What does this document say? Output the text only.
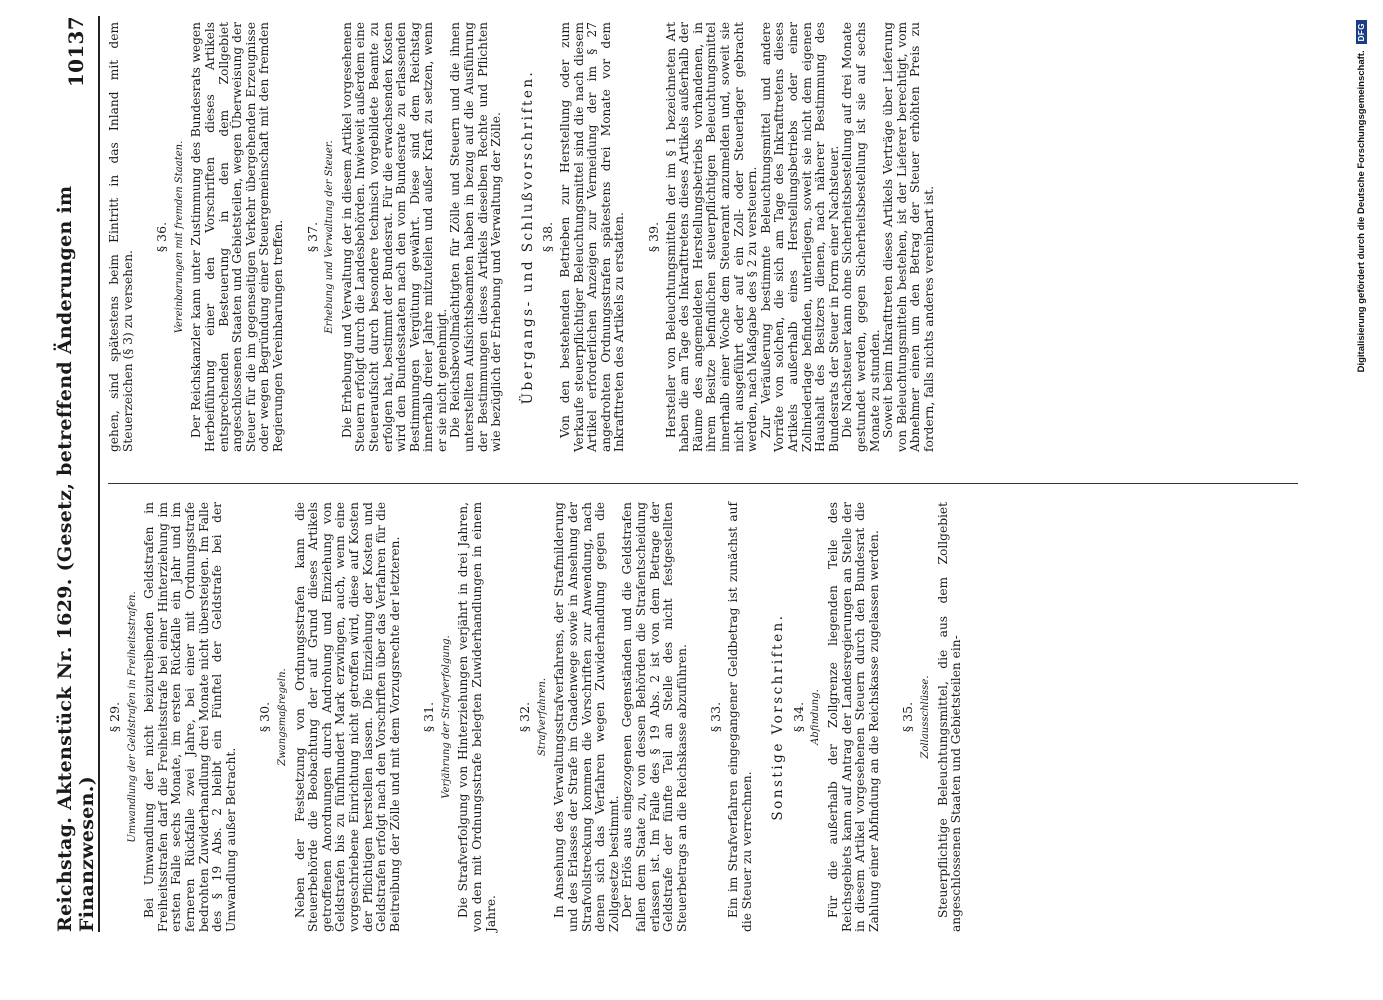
Reichstag. Aktenstück Nr. 1629. (Gesetz, betreffend Änderungen im Finanzwesen.)
10137
§ 29. Umwandlung der Geldstrafen in Freiheitsstrafen. Bei Umwandlung der nicht beizutreibenden Geldstrafen in Freiheitsstrafen darf die Freiheitsstrafe bei einer Hinterziehung im ersten Falle sechs Monate, im ersten Rückfalle ein Jahr und im ferneren Rückfalle zwei Jahre, bei einer mit Ordnungsstrafe bedrohten Zuwiderhandlung drei Monate nicht übersteigen. Im Falle des § 19 Abs. 2 bleibt ein Fünftel der Geldstrafe bei der Umwandlung außer Betracht.

§ 30. Zwangsmaßregeln. Neben der Festsetzung von Ordnungsstrafen kann die Steuerbehörde die Beobachtung der auf Grund dieses Artikels getroffenen Anordnungen durch Androhung und Einziehung von Geldstrafen bis zu fünfhundert Mark erzwingen, auch, wenn eine vorgeschriebene Einrichtung nicht getroffen wird, diese auf Kosten der Pflichtigen herstellen lassen. Die Einziehung der Kosten und Geldstrafen erfolgt nach den Vorschriften über das Verfahren für die Beitreibung der Zölle und mit dem Vorzugsrechte der letzteren. § 31. Verjährung der Strafverfolgung. Die Strafverfolgung von Hinterziehungen verjährt in drei Jahren, von den mit Ordnungsstrafe belegten Zuwiderhandlungen in einem Jahre.

§ 32. Strafverfahren. In Ansehung des Verwaltungsstrafverfahrens, der Strafmilderung und des Erlasses der Strafe im Gnadenwege sowie in Ansehung der Strafvollstreckung kommen die Vorschriften zur Anwendung, nach denen sich das Verfahren wegen Zuwiderhandlung gegen die Zollgesetze bestimmt. Der Erlös aus eingezogenen Gegenständen und die Geldstrafen fallen dem Staate zu, von dessen Behörden die Strafentscheidung erlassen ist. Im Falle des § 19 Abs. 2 ist von dem Betrage der Geldstrafe der fünfte Teil an Stelle des nicht festgestellten Steuerbetrags an die Reichskasse abzuführen. § 33. Ein im Strafverfahren eingegangener Geldbetrag ist zunächst auf die Steuer zu verrechnen.

Sonstige Vorschriften. § 34. Abfindung. Für die außerhalb der Zollgrenze liegenden Teile des Reichsgebiets kann auf Antrag der Landesregierungen an Stelle der in diesem Artikel vorgesehenen Steuern durch den Bundesrat die Zahlung einer Abfindung an die Reichskasse zugelassen werden. § 35. Zollausschlüsse. Steuerpflichtige Beleuchtungsmittel, die aus dem Zollgebiet angeschlossenen Staaten und Gebietsteilen ein-

gehen, sind spätestens beim Eintritt in das Inland mit dem Steuerzeichen (§ 3) zu versehen.

§ 36. Vereinbarungen mit fremden Staaten. Der Reichskanzler kann unter Zustimmung des Bundesrats wegen Herbeiführung einer den Vorschriften dieses Artikels entsprechenden Besteuerung in den dem Zollgebiet angeschlossenen Staaten und Gebietsteilen, wegen Überweisung der Steuer für die im gegenseitigen Verkehr übergehenden Erzeugnisse oder wegen Begründung einer Steuergemeinschaft mit den fremden Regierungen Vereinbarungen treffen. § 37. Erhebung und Verwaltung der Steuer. Die Erhebung und Verwaltung der in diesem Artikel vorgesehenen Steuern erfolgt durch die Landesbehörden. Inwieweit außerdem eine Steueraufsicht durch besondere technisch vorgebildete Beamte zu erfolgen hat, bestimmt der Bundesrat. Für die erwachsenden Kosten wird den Bundesstaaten nach den vom Bundesrate zu erlassenden Bestimmungen Vergütung gewährt. Diese sind dem Reichstag innerhalb dreier Jahre mitzuteilen und außer Kraft zu setzen, wenn er sie nicht genehmigt. Die Reichsbevollmächtigten für Zölle und Steuern und die ihnen unterstellten Aufsichtsbeamten haben in bezug auf die Ausführung der Bestimmungen dieses Artikels dieselben Rechte und Pflichten wie bezüglich der Erhebung und Verwaltung der Zölle. Übergangs- und Schlußvorschriften. § 38. Von den bestehenden Betrieben zur Herstellung oder zum Verkaufe steuerpflichtiger Beleuchtungsmittel sind die nach diesem Artikel erforderlichen Anzeigen zur Vermeidung der im § 27 angedrohten Ordnungsstrafen spätestens drei Monate vor dem Inkrafttreten des Artikels zu erstatten. § 39. Hersteller von Beleuchtungsmitteln der im § 1 bezeichneten Art haben die am Tage des Inkrafttretens dieses Artikels außerhalb der Räume des angemeldeten Herstellungsbetriebs vorhandenen, in ihrem Besitze befindlichen steuerpflichtigen Beleuchtungsmittel innerhalb einer Woche dem Steueramt anzumelden und, soweit sie nicht ausgeführt oder auf ein Zoll- oder Steuerlager gebracht werden, nach Maßgabe des § 2 zu versteuern. Zur Veräußerung bestimmte Beleuchtungsmittel und andere Vorräte von solchen, die sich am Tage des Inkrafttretens dieses Artikels außerhalb eines Herstellungsbetriebs oder einer Zollniederlage befinden, unterliegen, soweit sie nicht dem eigenen Haushalt des Besitzers dienen, nach näherer Bestimmung des Bundesrats der Steuer in Form einer Nachsteuer. Die Nachsteuer kann ohne Sicherheitsbestellung auf drei Monate gestundet werden, gegen Sicherheitsbestellung ist sie auf sechs Monate zu stunden. Soweit beim Inkrafttreten dieses Artikels Verträge über Lieferung von Beleuchtungsmitteln bestehen, ist der Lieferer berechtigt, vom Abnehmer einen um den Betrag der Steuer erhöhten Preis zu fordern, falls nichts anderes vereinbart ist.	Digitalisierung gefördert durch die Deutsche Forschungsgemeinschaft.
DFG
